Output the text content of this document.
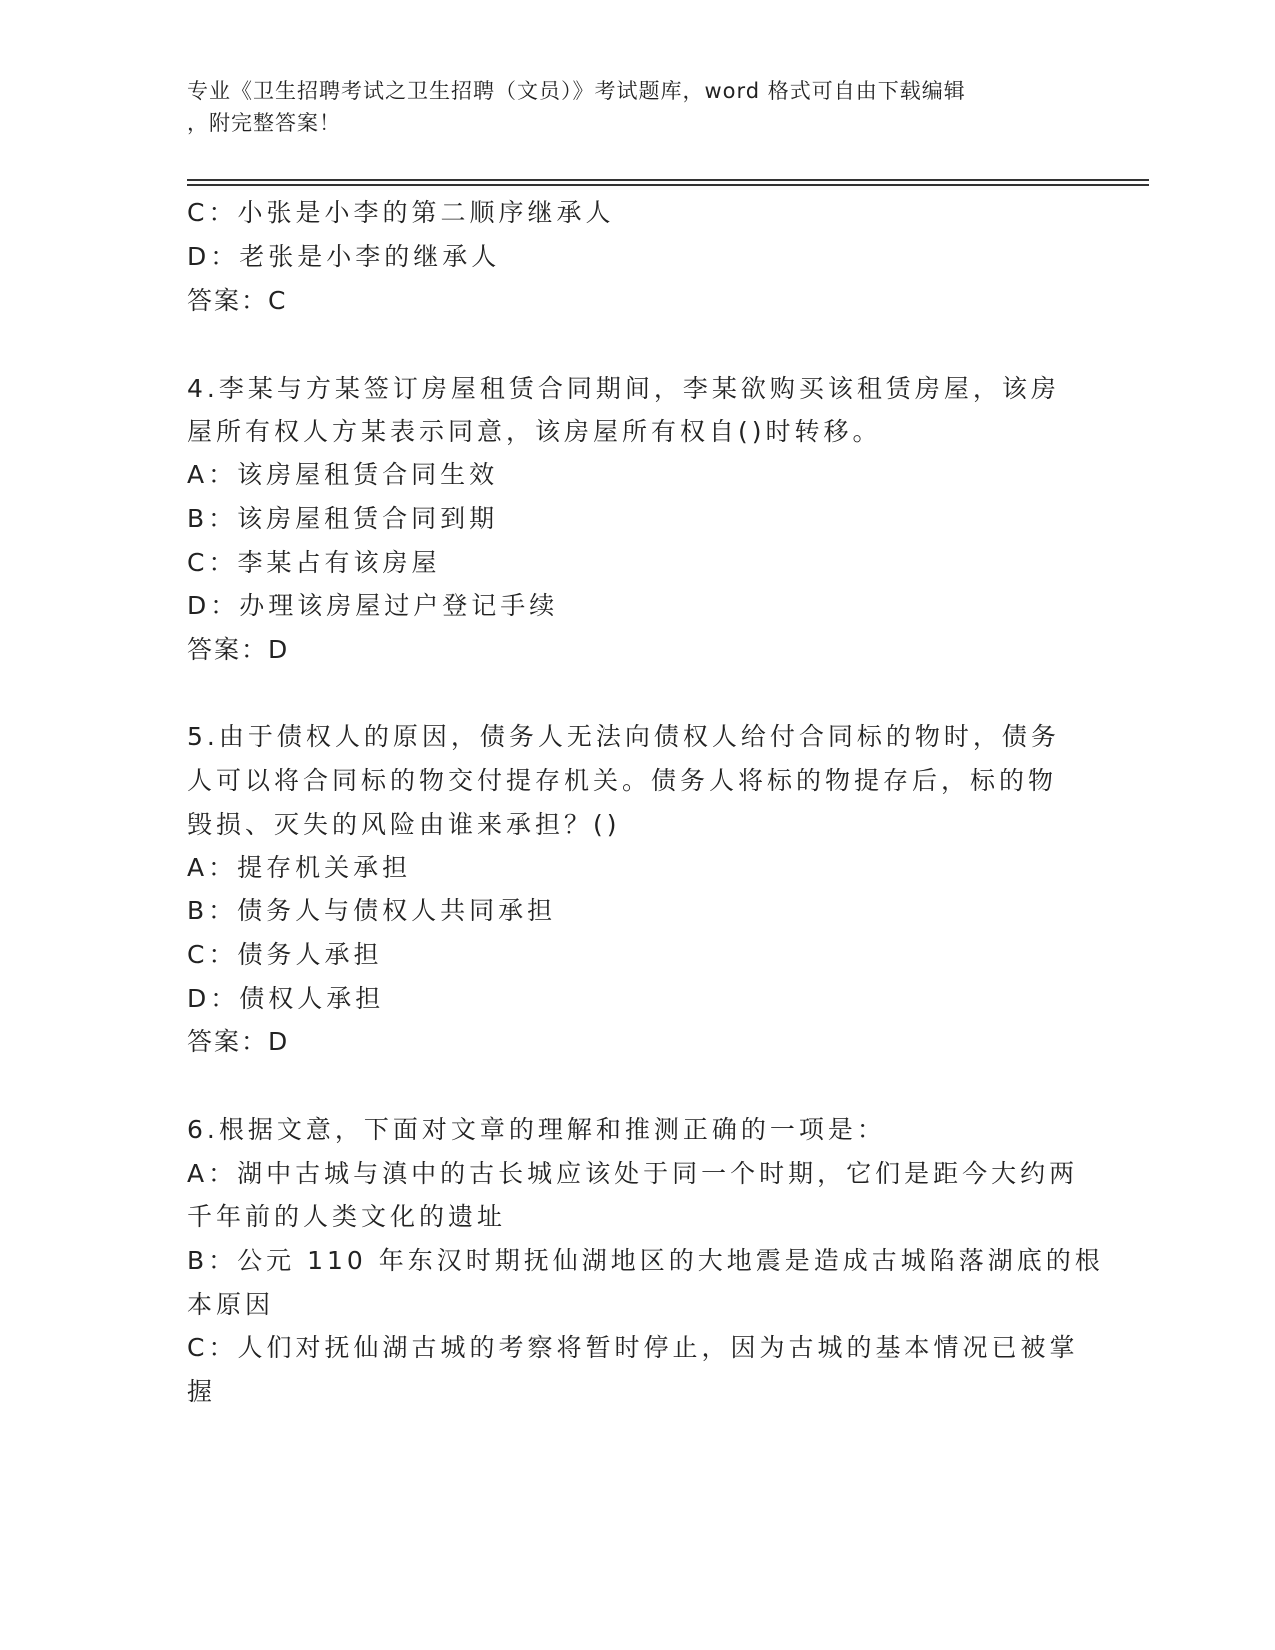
专业《卫生招聘考试之卫生招聘（文员）》考试题库，word 格式可自由下载编辑
，附完整答案！
C：小张是小李的第二顺序继承人
D：老张是小李的继承人
答案：C
4.李某与方某签订房屋租赁合同期间，李某欲购买该租赁房屋，该房
屋所有权人方某表示同意，该房屋所有权自()时转移。
A：该房屋租赁合同生效
B：该房屋租赁合同到期
C：李某占有该房屋
D：办理该房屋过户登记手续
答案：D
5.由于债权人的原因，债务人无法向债权人给付合同标的物时，债务
人可以将合同标的物交付提存机关。债务人将标的物提存后，标的物
毁损、灭失的风险由谁来承担？()
A：提存机关承担
B：债务人与债权人共同承担
C：债务人承担
D：债权人承担
答案：D
6.根据文意，下面对文章的理解和推测正确的一项是：
A：湖中古城与滇中的古长城应该处于同一个时期，它们是距今大约两
千年前的人类文化的遗址
B：公元 110 年东汉时期抚仙湖地区的大地震是造成古城陷落湖底的根
本原因
C：人们对抚仙湖古城的考察将暂时停止，因为古城的基本情况已被掌
握
